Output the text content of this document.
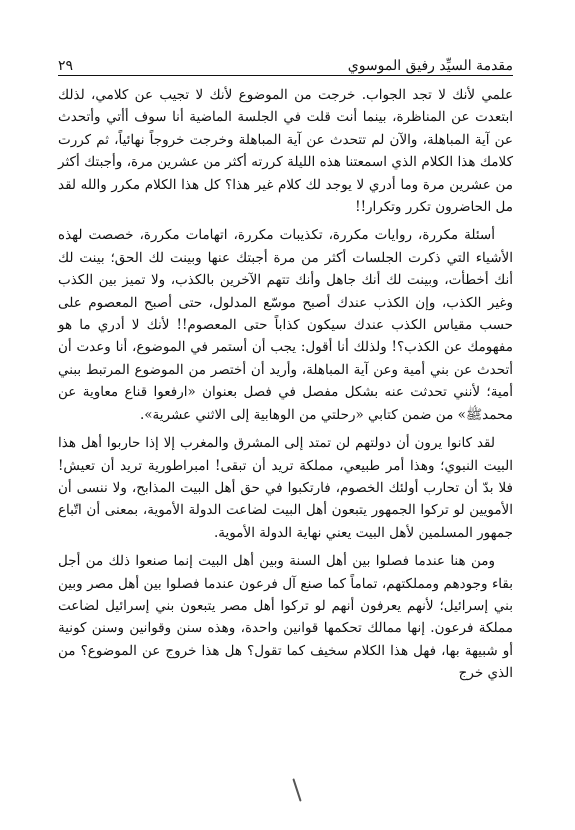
مقدمة السيِّد رفيق الموسوي
٢٩

علمي لأنك لا تجد الجواب. خرجت من الموضوع لأنك لا تجيب عن كلامي، لذلك ابتعدت عن المناظرة، بينما أنت قلت في الجلسة الماضية أنا سوف أأتي وأتحدث عن آية المباهلة، والآن لم تتحدث عن آية المباهلة وخرجت خروجاً نهائياً، ثم كررت كلامك هذا الكلام الذي اسمعتنا هذه الليلة كررته أكثر من عشرين مرة، وأجبتك أكثر من عشرين مرة وما أدري لا يوجد لك كلام غير هذا؟ كل هذا الكلام مكرر والله لقد مل الحاضرون تكرر وتكرار!!

أسئلة مكررة، روايات مكررة، تكذيبات مكررة، اتهامات مكررة، خصصت لهذه الأشياء التي ذكرت الجلسات أكثر من مرة أجبتك عنها وبينت لك الحق؛ بينت لك أنك أخطأت، وبينت لك أنك جاهل وأنك تتهم الآخرين بالكذب، ولا تميز بين الكذب وغير الكذب، وإن الكذب عندك أصبح موسّع المدلول، حتى أصبح المعصوم على حسب مقياس الكذب عندك سيكون كذاباً حتى المعصوم!! لأنك لا أدري ما هو مفهومك عن الكذب؟! ولذلك أنا أقول: يجب أن أستمر في الموضوع، أنا وعدت أن أتحدث عن بني أمية وعن آية المباهلة، وأريد أن أختصر من الموضوع المرتبط ببني أمية؛ لأنني تحدثت عنه بشكل مفصل في فصل بعنوان «ارفعوا قناع معاوية عن محمدﷺ» من ضمن كتابي «رحلتي من الوهابية إلى الاثني عشرية».

لقد كانوا يرون أن دولتهم لن تمتد إلى المشرق والمغرب إلا إذا حاربوا أهل هذا البيت النبوي؛ وهذا أمر طبيعي، مملكة تريد أن تبقى! امبراطورية تريد أن تعيش! فلا بدّ أن تحارب أولئك الخصوم، فارتكبوا في حق أهل البيت المذابح، ولا ننسى أن الأمويين لو تركوا الجمهور يتبعون أهل البيت لضاعت الدولة الأموية، بمعنى أن اتّباع جمهور المسلمين لأهل البيت يعني نهاية الدولة الأموية.

ومن هنا عندما فصلوا بين أهل السنة وبين أهل البيت إنما صنعوا ذلك من أجل بقاء وجودهم ومملكتهم، تماماً كما صنع آل فرعون عندما فصلوا بين أهل مصر وبين بني إسرائيل؛ لأنهم يعرفون أنهم لو تركوا أهل مصر يتبعون بني إسرائيل لضاعت مملكة فرعون. إنها ممالك تحكمها قوانين واحدة، وهذه سنن وقوانين وسنن كونية أو شبيهة بها، فهل هذا الكلام سخيف كما تقول؟ هل هذا خروج عن الموضوع؟ من الذي خرج
